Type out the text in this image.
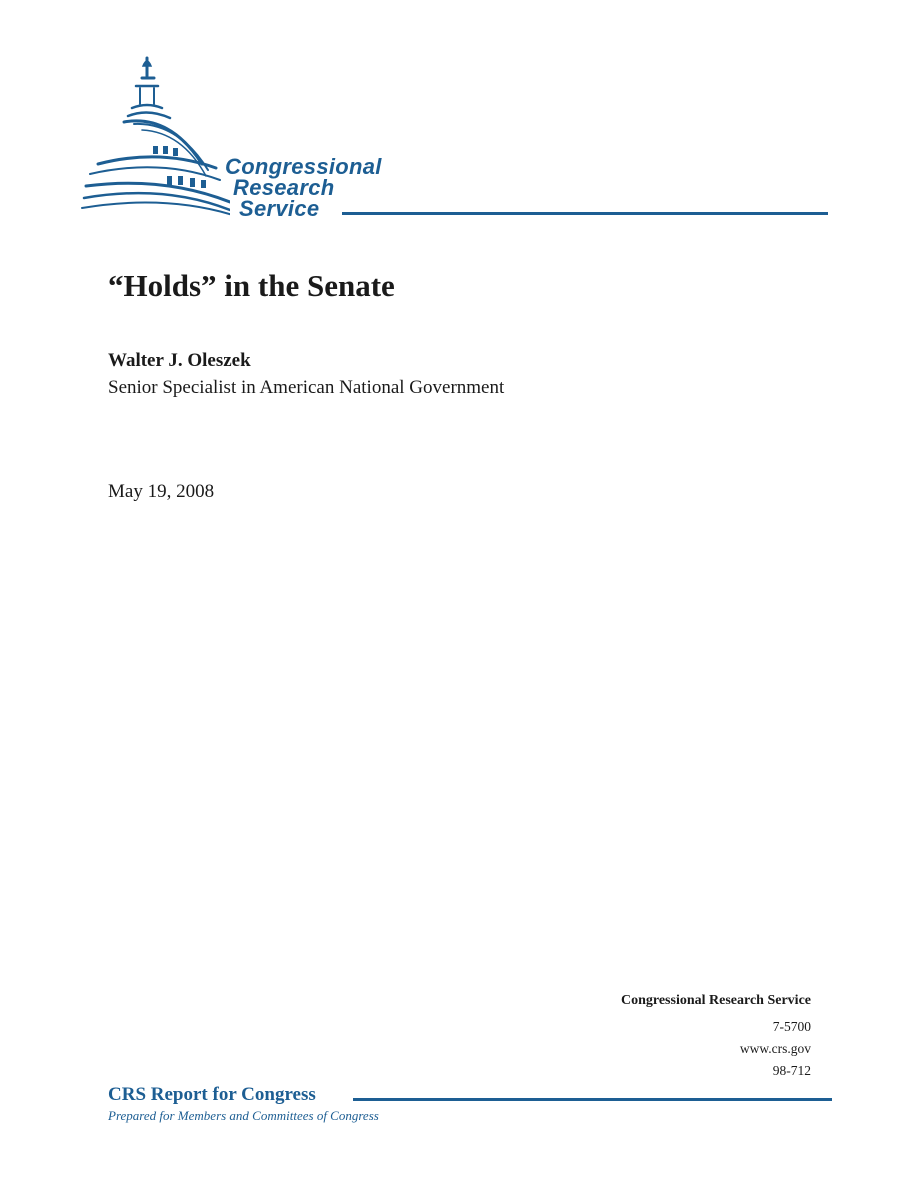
Congressional
Research
Service
“Holds” in the Senate
Walter J. Oleszek
Senior Specialist in American National Government
May 19, 2008
Congressional Research Service
7-5700
www.crs.gov
98-712
CRS Report for Congress
Prepared for Members and Committees of Congress
